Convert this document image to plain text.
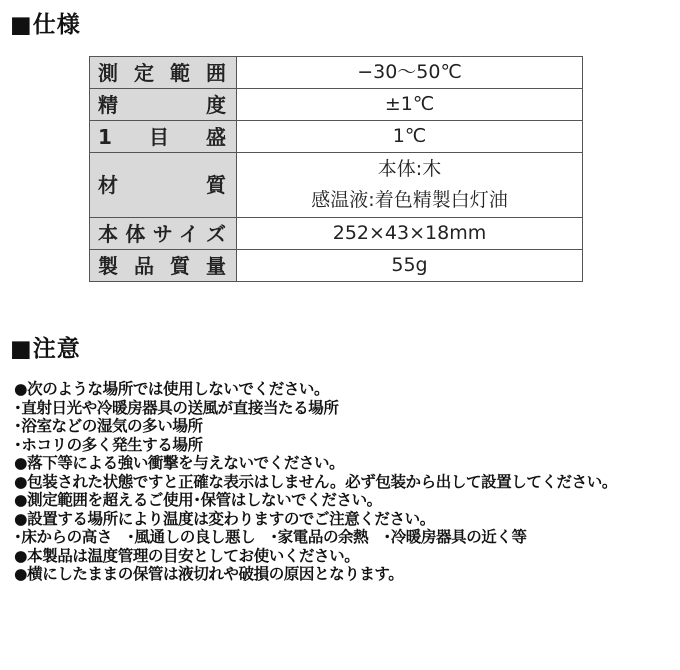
■仕様
測定範囲	−30〜50℃

精度	±1℃

1目盛	1℃

材質	本体:木
感温液:着色精製白灯油

本体サイズ	252×43×18mm

製品質量	55g
■注意

●次のような場所では使用しないでください。

･直射日光や冷暖房器具の送風が直接当たる場所

･浴室などの湿気の多い場所

･ホコリの多く発生する場所

●落下等による強い衝撃を与えないでください。

●包装された状態ですと正確な表示はしません。必ず包装から出して設置してください。

●測定範囲を超えるご使用･保管はしないでください。

●設置する場所により温度は変わりますのでご注意ください。

･床からの高さ　･風通しの良し悪し　･家電品の余熱　･冷暖房器具の近く等

●本製品は温度管理の目安としてお使いください。

●横にしたままの保管は液切れや破損の原因となります。
